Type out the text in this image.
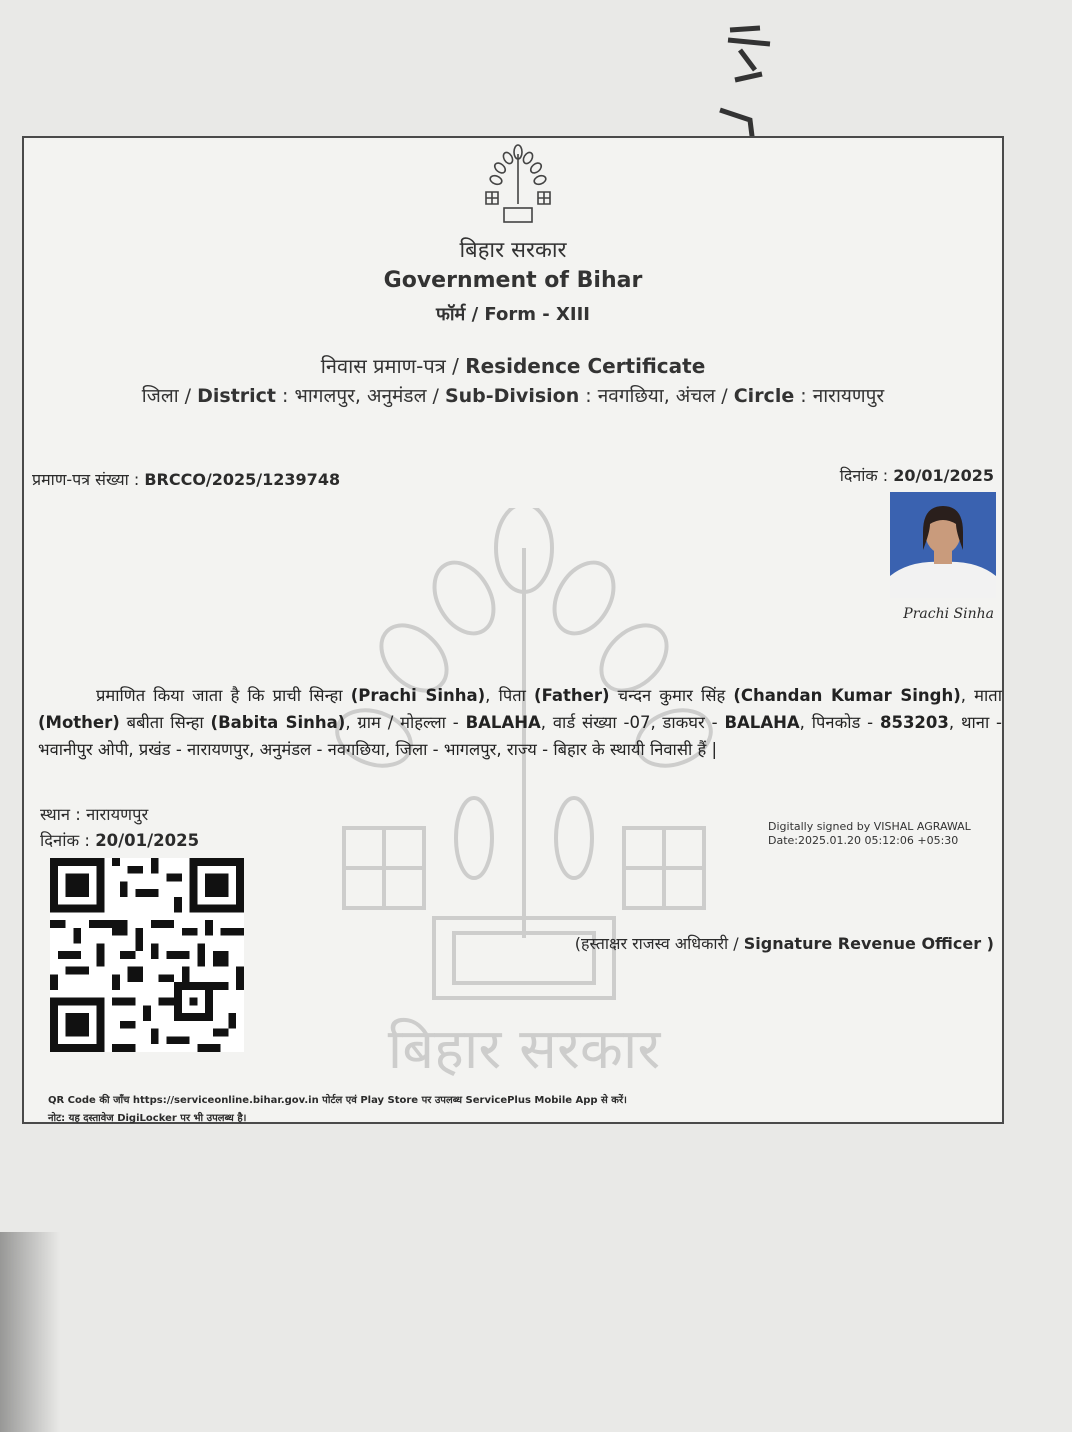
बिहार सरकार
बिहार सरकार
Government of Bihar
फॉर्म / Form - XIII
निवास प्रमाण-पत्र / Residence Certificate
जिला / District : भागलपुर, अनुमंडल / Sub-Division : नवगछिया, अंचल / Circle : नारायणपुर
प्रमाण-पत्र संख्या : BRCCO/2025/1239748	दिनांक : 20/01/2025
Prachi Sinha
प्रमाणित किया जाता है कि प्राची सिन्हा (Prachi Sinha), पिता (Father) चन्दन कुमार सिंह (Chandan Kumar Singh), माता (Mother) बबीता सिन्हा (Babita Sinha), ग्राम / मोहल्ला - BALAHA, वार्ड संख्या -07, डाकघर - BALAHA, पिनकोड - 853203, थाना - भवानीपुर ओपी, प्रखंड - नारायणपुर, अनुमंडल - नवगछिया, जिला - भागलपुर, राज्य - बिहार के स्थायी निवासी हैं |
स्थान : नारायणपुर
दिनांक : 20/01/2025
Digitally signed by VISHAL AGRAWAL
Date:2025.01.20 05:12:06 +05:30
(हस्ताक्षर राजस्व अधिकारी / Signature Revenue Officer )
QR Code की जाँच https://serviceonline.bihar.gov.in पोर्टल एवं Play Store पर उपलब्ध ServicePlus Mobile App से करें।
नोट: यह दस्तावेज DigiLocker पर भी उपलब्ध है।
